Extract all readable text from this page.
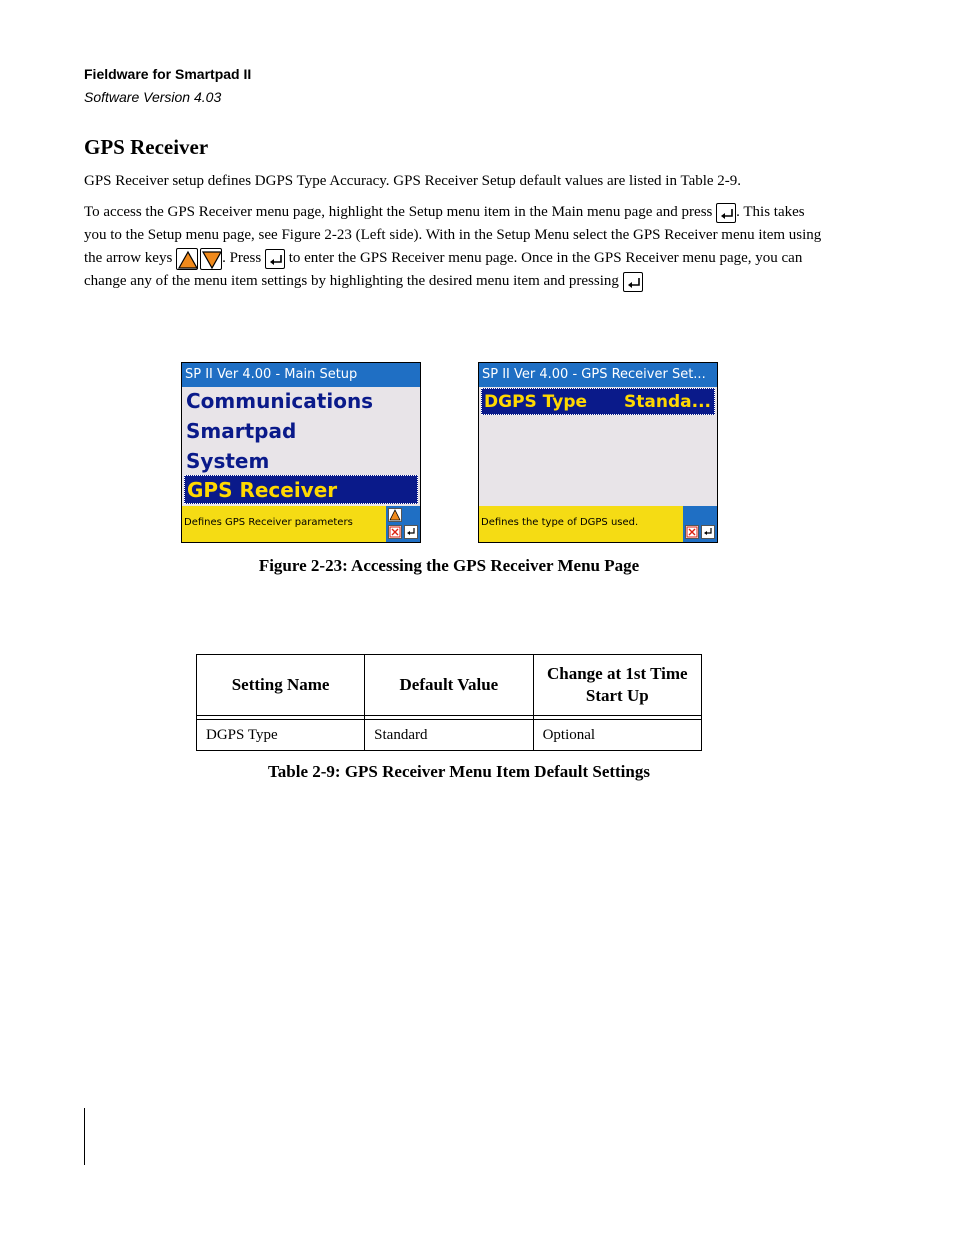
Fieldware for Smartpad II
Software Version 4.03
GPS Receiver
GPS Receiver setup defines DGPS Type Accuracy. GPS Receiver Setup default values are listed in Table 2-9.
To access the GPS Receiver menu page, highlight the Setup menu item in the Main menu page and press
. This takes you to the Setup menu page, see Figure 2-23 (Left side). With in the Setup Menu select the GPS Receiver menu item using the arrow keys	. Press
to enter the GPS Receiver menu page. Once in the GPS Receiver menu page, you can change any of the menu item settings by highlighting the desired menu item and pressing
SP II Ver 4.00 - Main Setup
Communications
Smartpad
System
GPS Receiver
Defines GPS Receiver parameters
SP II Ver 4.00 - GPS Receiver Set...
DGPS Type Standa...
Defines the type of DGPS used.
Figure 2-23: Accessing the GPS Receiver Menu Page
Setting Name	Default Value	Change at 1st Time Start Up

DGPS Type	Standard	Optional
Table 2-9: GPS Receiver Menu Item Default Settings
